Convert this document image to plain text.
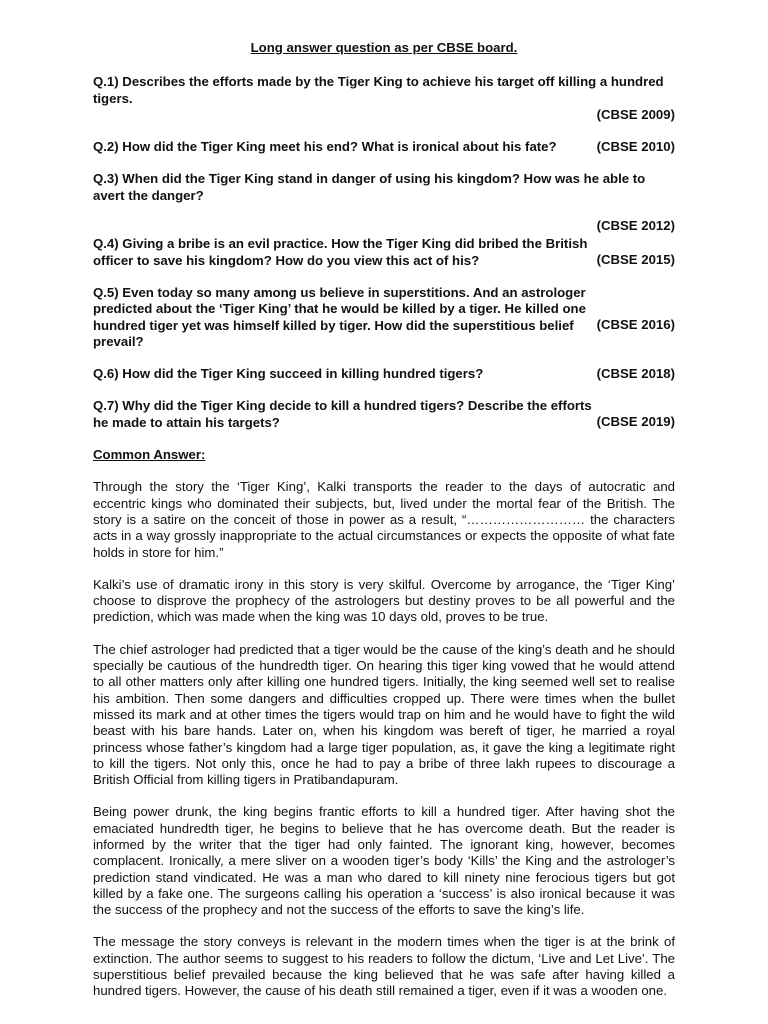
Long answer question as per CBSE board.
Q.1) Describes the efforts made by the Tiger King to achieve his target off killing a hundred tigers.
(CBSE 2009)
(CBSE 2010)
Q.2) How did the Tiger King meet his end? What is ironical about his fate?
Q.3) When did the Tiger King stand in danger of using his kingdom? How was he able to avert the danger?
(CBSE 2012)
(CBSE 2015)
Q.4) Giving a bribe is an evil practice. How the Tiger King did bribed the British officer to save his kingdom? How do you view this act of his?
(CBSE 2016)
Q.5) Even today so many among us believe in superstitions. And an astrologer predicted about the ‘Tiger King’ that he would be killed by a tiger. He killed one hundred tiger yet was himself killed by tiger. How did the superstitious belief prevail?
(CBSE 2018)
Q.6) How did the Tiger King succeed in killing hundred tigers?
(CBSE 2019)
Q.7) Why did the Tiger King decide to kill a hundred tigers? Describe the efforts he made to attain his targets?
Common Answer:

Through the story the ‘Tiger King’, Kalki transports the reader to the days of autocratic and eccentric kings who dominated their subjects, but, lived under the mortal fear of the British. The story is a satire on the conceit of those in power as a result, “……………………… the characters acts in a way grossly inappropriate to the actual circumstances or expects the opposite of what fate holds in store for him.”

Kalki’s use of dramatic irony in this story is very skilful. Overcome by arrogance, the ‘Tiger King’ choose to disprove the prophecy of the astrologers but destiny proves to be all powerful and the prediction, which was made when the king was 10 days old, proves to be true.

The chief astrologer had predicted that a tiger would be the cause of the king’s death and he should specially be cautious of the hundredth tiger. On hearing this tiger king vowed that he would attend to all other matters only after killing one hundred tigers. Initially, the king seemed well set to realise his ambition. Then some dangers and difficulties cropped up. There were times when the bullet missed its mark and at other times the tigers would trap on him and he would have to fight the wild beast with his bare hands. Later on, when his kingdom was bereft of tiger, he married a royal princess whose father’s kingdom had a large tiger population, as, it gave the king a legitimate right to kill the tigers. Not only this, once he had to pay a bribe of three lakh rupees to discourage a British Official from killing tigers in Pratibandapuram.

Being power drunk, the king begins frantic efforts to kill a hundred tiger. After having shot the emaciated hundredth tiger, he begins to believe that he has overcome death. But the reader is informed by the writer that the tiger had only fainted. The ignorant king, however, becomes complacent. Ironically, a mere sliver on a wooden tiger’s body ‘Kills’ the King and the astrologer’s prediction stand vindicated. He was a man who dared to kill ninety nine ferocious tigers but got killed by a fake one. The surgeons calling his operation a ‘success’ is also ironical because it was the success of the prophecy and not the success of the efforts to save the king’s life.

The message the story conveys is relevant in the modern times when the tiger is at the brink of extinction. The author seems to suggest to his readers to follow the dictum, ‘Live and Let Live’. The superstitious belief prevailed because the king believed that he was safe after having killed a hundred tigers. However, the cause of his death still remained a tiger, even if it was a wooden one.
